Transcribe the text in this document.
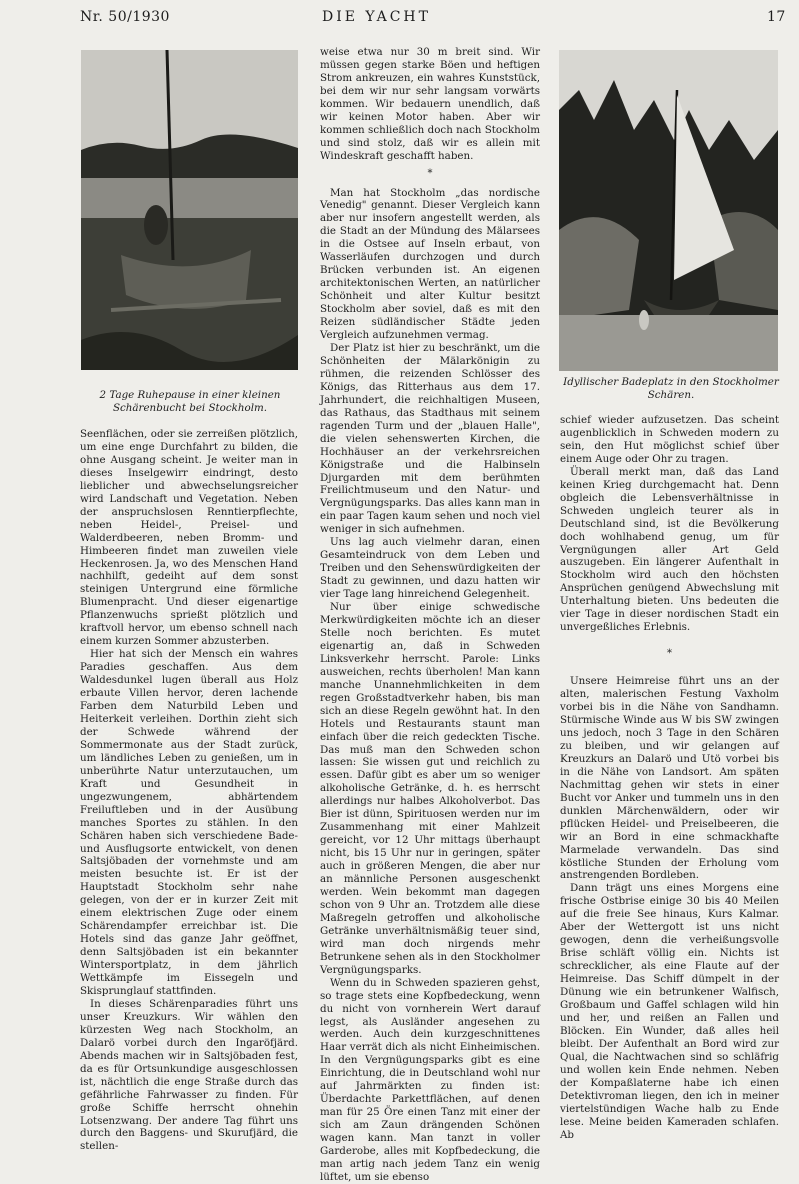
Nr. 50/1930	DIE YACHT	17
2 Tage Ruhepause in einer kleinen Schärenbucht bei Stockholm.
Idyllischer Badeplatz in den Stockholmer Schären.

Seenflächen, oder sie zerreißen plötzlich, um eine enge Durchfahrt zu bilden, die ohne Ausgang scheint. Je weiter man in dieses Inselgewirr eindringt, desto lieblicher und abwechselungsreicher wird Landschaft und Vegetation. Neben der anspruchslosen Renntierpflechte, neben Heidel-, Preisel- und Walderdbeeren, neben Bromm- und Himbeeren findet man zuweilen viele Heckenrosen. Ja, wo des Menschen Hand nachhilft, gedeiht auf dem sonst steinigen Untergrund eine förmliche Blumenpracht. Und dieser eigenartige Pflanzenwuchs sprießt plötzlich und kraftvoll hervor, um ebenso schnell nach einem kurzen Sommer abzusterben.

Hier hat sich der Mensch ein wahres Paradies geschaffen. Aus dem Waldesdunkel lugen überall aus Holz erbaute Villen hervor, deren lachende Farben dem Naturbild Leben und Heiterkeit verleihen. Dorthin zieht sich der Schwede während der Sommermonate aus der Stadt zurück, um ländliches Leben zu genießen, um in unberührte Natur unterzutauchen, um Kraft und Gesundheit in ungezwungenem, abhärtendem Freiluftleben und in der Ausübung manches Sportes zu stählen. In den Schären haben sich verschiedene Bade- und Ausflugsorte entwickelt, von denen Saltsjöbaden der vornehmste und am meisten besuchte ist. Er ist der Hauptstadt Stockholm sehr nahe gelegen, von der er in kurzer Zeit mit einem elektrischen Zuge oder einem Schärendampfer erreichbar ist. Die Hotels sind das ganze Jahr geöffnet, denn Saltsjöbaden ist ein bekannter Wintersportplatz, in dem jährlich Wettkämpfe im Eissegeln und Skisprunglauf stattfinden.

In dieses Schärenparadies führt uns unser Kreuzkurs. Wir wählen den kürzesten Weg nach Stockholm, an Dalarö vorbei durch den Ingaröfjärd. Abends machen wir in Saltsjöbaden fest, da es für Ortsunkundige ausgeschlossen ist, nächtlich die enge Straße durch das gefährliche Fahrwasser zu finden. Für große Schiffe herrscht ohnehin Lotsenzwang. Der andere Tag führt uns durch den Baggens- und Skurufjärd, die stellen-

weise etwa nur 30 m breit sind. Wir müssen gegen starke Böen und heftigen Strom ankreuzen, ein wahres Kunststück, bei dem wir nur sehr langsam vorwärts kommen. Wir bedauern unendlich, daß wir keinen Motor haben. Aber wir kommen schließlich doch nach Stockholm und sind stolz, daß wir es allein mit Windeskraft geschafft haben.

*

Man hat Stockholm „das nordische Venedig" genannt. Dieser Vergleich kann aber nur insofern angestellt werden, als die Stadt an der Mündung des Mälarsees in die Ostsee auf Inseln erbaut, von Wasserläufen durchzogen und durch Brücken verbunden ist. An eigenen architektonischen Werten, an natürlicher Schönheit und alter Kultur besitzt Stockholm aber soviel, daß es mit den Reizen südländischer Städte jeden Vergleich aufzunehmen vermag.

Der Platz ist hier zu beschränkt, um die Schönheiten der Mälarkönigin zu rühmen, die reizenden Schlösser des Königs, das Ritterhaus aus dem 17. Jahrhundert, die reichhaltigen Museen, das Rathaus, das Stadthaus mit seinem ragenden Turm und der „blauen Halle", die vielen sehenswerten Kirchen, die Hochhäuser an der verkehrsreichen Königstraße und die Halbinseln Djurgarden mit dem berühmten Freilichtmuseum und den Natur- und Vergnügungsparks. Das alles kann man in ein paar Tagen kaum sehen und noch viel weniger in sich aufnehmen.

Uns lag auch vielmehr daran, einen Gesamteindruck von dem Leben und Treiben und den Sehenswürdigkeiten der Stadt zu gewinnen, und dazu hatten wir vier Tage lang hinreichend Gelegenheit.

Nur über einige schwedische Merkwürdigkeiten möchte ich an dieser Stelle noch berichten. Es mutet eigenartig an, daß in Schweden Linksverkehr herrscht. Parole: Links ausweichen, rechts überholen! Man kann manche Unannehmlichkeiten in dem regen Großstadtverkehr haben, bis man sich an diese Regeln gewöhnt hat. In den Hotels und Restaurants staunt man einfach über die reich gedeckten Tische. Das muß man den Schweden schon lassen: Sie wissen gut und reichlich zu essen. Dafür gibt es aber um so weniger alkoholische Getränke, d. h. es herrscht allerdings nur halbes Alkoholverbot. Das Bier ist dünn, Spirituosen werden nur im Zusammenhang mit einer Mahlzeit gereicht, vor 12 Uhr mittags überhaupt nicht, bis 15 Uhr nur in geringen, später auch in größeren Mengen, die aber nur an männliche Personen ausgeschenkt werden. Wein bekommt man dagegen schon von 9 Uhr an. Trotzdem alle diese Maßregeln getroffen und alkoholische Getränke unverhältnismäßig teuer sind, wird man doch nirgends mehr Betrunkene sehen als in den Stockholmer Vergnügungsparks.

Wenn du in Schweden spazieren gehst, so trage stets eine Kopfbedeckung, wenn du nicht von vornherein Wert darauf legst, als Ausländer angesehen zu werden. Auch dein kurzgeschnittenes Haar verrät dich als nicht Einheimischen. In den Vergnügungsparks gibt es eine Einrichtung, die in Deutschland wohl nur auf Jahrmärkten zu finden ist: Überdachte Parkettflächen, auf denen man für 25 Öre einen Tanz mit einer der sich am Zaun drängenden Schönen wagen kann. Man tanzt in voller Garderobe, alles mit Kopfbedeckung, die man artig nach jedem Tanz ein wenig lüftet, um sie ebenso

schief wieder aufzusetzen. Das scheint augenblicklich in Schweden modern zu sein, den Hut möglichst schief über einem Auge oder Ohr zu tragen.

Überall merkt man, daß das Land keinen Krieg durchgemacht hat. Denn obgleich die Lebensverhältnisse in Schweden ungleich teurer als in Deutschland sind, ist die Bevölkerung doch wohlhabend genug, um für Vergnügungen aller Art Geld auszugeben. Ein längerer Aufenthalt in Stockholm wird auch den höchsten Ansprüchen genügend Abwechslung mit Unterhaltung bieten. Uns bedeuten die vier Tage in dieser nordischen Stadt ein unvergeßliches Erlebnis.

*

Unsere Heimreise führt uns an der alten, malerischen Festung Vaxholm vorbei bis in die Nähe von Sandhamn. Stürmische Winde aus W bis SW zwingen uns jedoch, noch 3 Tage in den Schären zu bleiben, und wir gelangen auf Kreuzkurs an Dalarö und Utö vorbei bis in die Nähe von Landsort. Am späten Nachmittag gehen wir stets in einer Bucht vor Anker und tummeln uns in den dunklen Märchenwäldern, oder wir pflücken Heidel- und Preiselbeeren, die wir an Bord in eine schmackhafte Marmelade verwandeln. Das sind köstliche Stunden der Erholung vom anstrengenden Bordleben.

Dann trägt uns eines Morgens eine frische Ostbrise einige 30 bis 40 Meilen auf die freie See hinaus, Kurs Kalmar. Aber der Wettergott ist uns nicht gewogen, denn die verheißungsvolle Brise schläft völlig ein. Nichts ist schrecklicher, als eine Flaute auf der Heimreise. Das Schiff dümpelt in der Dünung wie ein betrunkener Walfisch, Großbaum und Gaffel schlagen wild hin und her, und reißen an Fallen und Blöcken. Ein Wunder, daß alles heil bleibt. Der Aufenthalt an Bord wird zur Qual, die Nachtwachen sind so schläfrig und wollen kein Ende nehmen. Neben der Kompaßlaterne habe ich einen Detektivroman liegen, den ich in meiner viertelstündigen Wache halb zu Ende lese. Meine beiden Kameraden schlafen. Ab
